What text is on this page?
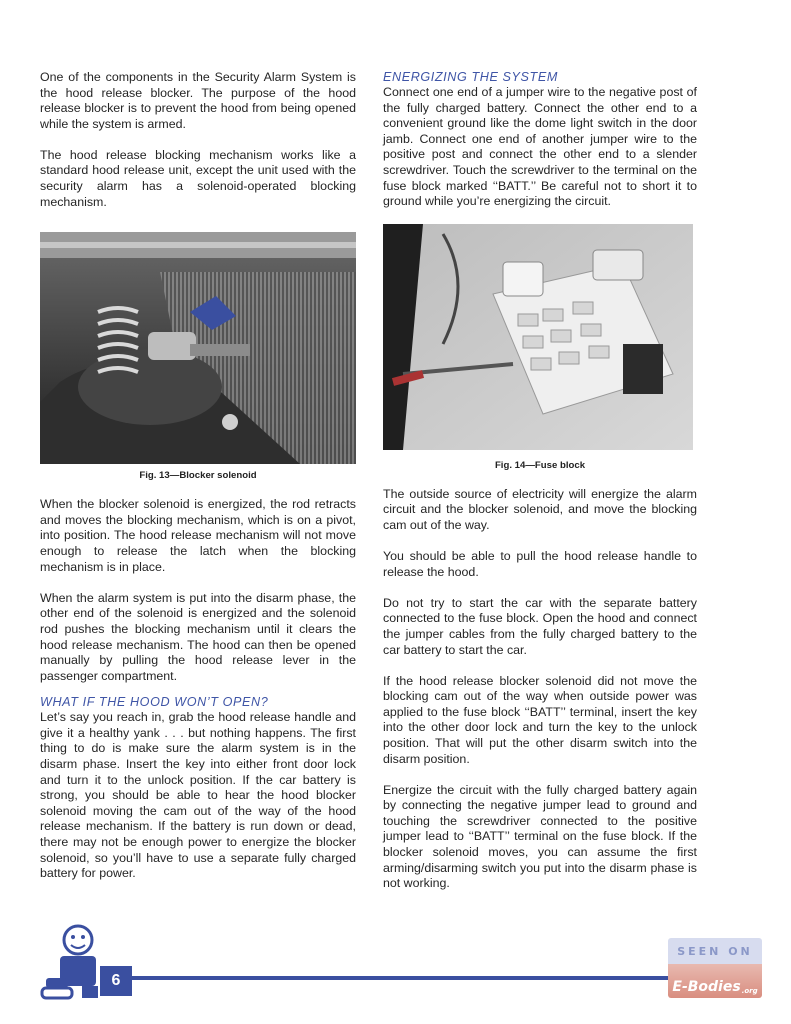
One of the components in the Security Alarm System is the hood release blocker. The purpose of the hood release blocker is to prevent the hood from being opened while the system is armed.

The hood release blocking mechanism works like a standard hood release unit, except the unit used with the security alarm has a solenoid-operated blocking mechanism.

Fig. 13—Blocker solenoid

When the blocker solenoid is energized, the rod retracts and moves the blocking mechanism, which is on a pivot, into position. The hood release mechanism will not move enough to release the latch when the blocking mechanism is in place.

When the alarm system is put into the disarm phase, the other end of the solenoid is energized and the solenoid rod pushes the blocking mechanism until it clears the hood release mechanism. The hood can then be opened manually by pulling the hood release lever in the passenger compartment.

WHAT IF THE HOOD WON’T OPEN?

Let’s say you reach in, grab the hood release handle and give it a healthy yank . . . but nothing happens. The first thing to do is make sure the alarm system is in the disarm phase. Insert the key into either front door lock and turn it to the unlock position. If the car battery is strong, you should be able to hear the hood blocker solenoid moving the cam out of the way of the hood release mechanism. If the battery is run down or dead, there may not be enough power to energize the blocker solenoid, so you’ll have to use a separate fully charged battery for power.

ENERGIZING THE SYSTEM

Connect one end of a jumper wire to the negative post of the fully charged battery. Connect the other end to a convenient ground like the dome light switch in the door jamb. Connect one end of another jumper wire to the positive post and connect the other end to a slender screwdriver. Touch the screwdriver to the terminal on the fuse block marked ‘‘BATT.’’ Be careful not to short it to ground while you’re energizing the circuit.

Fig. 14—Fuse block

The outside source of electricity will energize the alarm circuit and the blocker solenoid, and move the blocking cam out of the way.

You should be able to pull the hood release handle to release the hood.

Do not try to start the car with the separate battery connected to the fuse block. Open the hood and connect the jumper cables from the fully charged battery to the car battery to start the car.

If the hood release blocker solenoid did not move the blocking cam out of the way when outside power was applied to the fuse block ‘‘BATT’’ terminal, insert the key into the other door lock and turn the key to the unlock position. That will put the other disarm switch into the disarm position.

Energize the circuit with the fully charged battery again by connecting the negative jumper lead to ground and touching the screwdriver connected to the positive jumper lead to ‘‘BATT’’ terminal on the fuse block. If the blocker solenoid moves, you can assume the first arming/disarming switch you put into the disarm phase is not working.

6
SEEN ON
E-Bodies .org
